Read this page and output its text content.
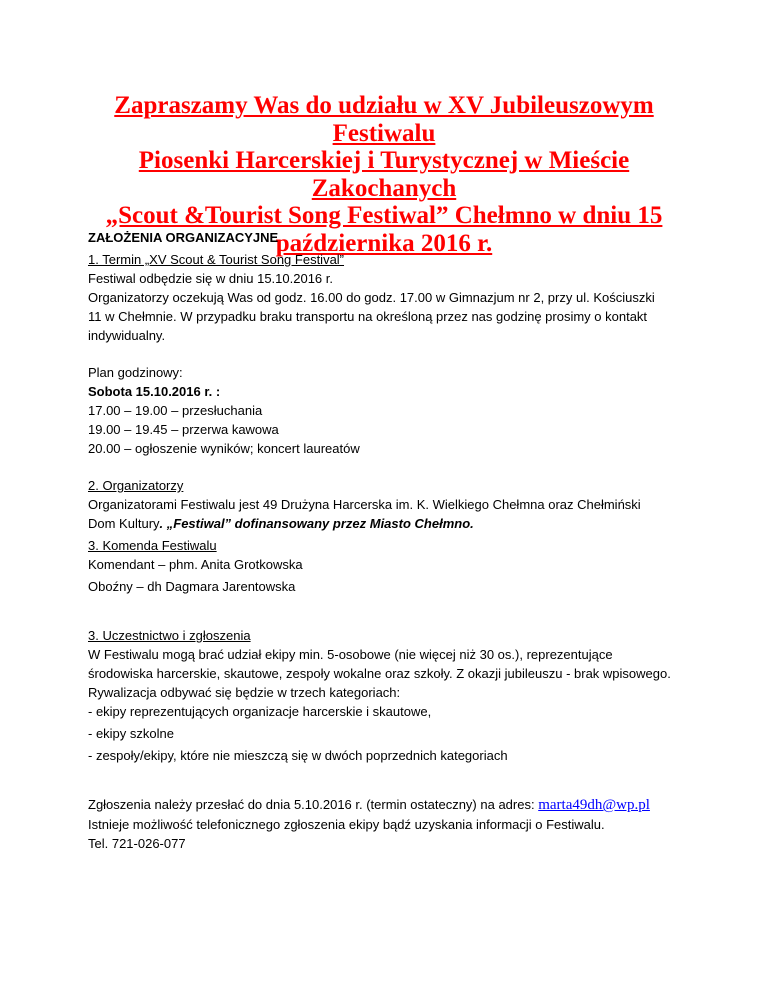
Zapraszamy Was do udziału w XV Jubileuszowym Festiwalu
Piosenki Harcerskiej i Turystycznej w Mieście Zakochanych
„Scout &Tourist Song Festiwal” Chełmno w dniu 15
października 2016 r.

ZAŁOŻENIA ORGANIZACYJNE

1. Termin „XV Scout & Tourist Song Festival”

Festiwal odbędzie się w dniu 15.10.2016 r.

Organizatorzy oczekują Was od godz. 16.00 do godz. 17.00 w Gimnazjum nr 2, przy ul. Kościuszki

11 w Chełmnie. W przypadku braku transportu na określoną przez nas godzinę prosimy o kontakt

indywidualny.

Plan godzinowy:

Sobota 15.10.2016 r. :

17.00 – 19.00 – przesłuchania

19.00 – 19.45 – przerwa kawowa

20.00 – ogłoszenie wyników; koncert laureatów

2. Organizatorzy

Organizatorami Festiwalu jest 49 Drużyna Harcerska im. K. Wielkiego Chełmna oraz Chełmiński

Dom Kultury. „Festiwal” dofinansowany przez Miasto Chełmno.

3. Komenda Festiwalu

Komendant – phm. Anita Grotkowska

Oboźny – dh Dagmara Jarentowska

3. Uczestnictwo i zgłoszenia

W Festiwalu mogą brać udział ekipy min. 5-osobowe (nie więcej niż 30 os.), reprezentujące

środowiska harcerskie, skautowe, zespoły wokalne oraz szkoły. Z okazji jubileuszu - brak wpisowego.

Rywalizacja odbywać się będzie w trzech kategoriach:

- ekipy reprezentujących organizacje harcerskie i skautowe,

- ekipy szkolne

- zespoły/ekipy, które nie mieszczą się w dwóch poprzednich kategoriach

Zgłoszenia należy przesłać do dnia 5.10.2016 r. (termin ostateczny) na adres: marta49dh@wp.pl

Istnieje możliwość telefonicznego zgłoszenia ekipy bądź uzyskania informacji o Festiwalu.

Tel. 721-026-077
